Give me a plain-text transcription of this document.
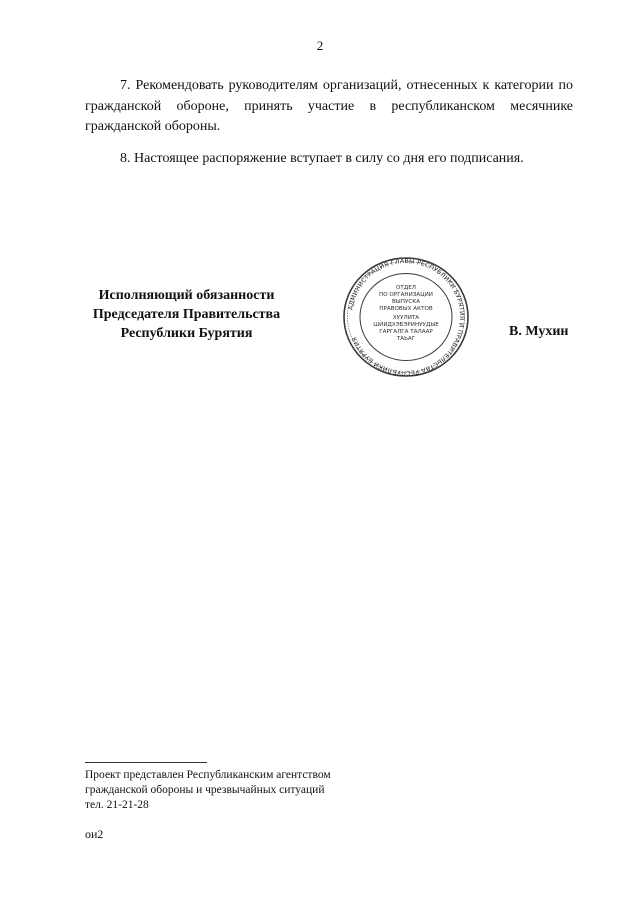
2

7. Рекомендовать руководителям организаций, отнесенных к категории по гражданской обороне, принять участие в республиканском месячнике гражданской обороны.

8. Настоящее распоряжение вступает в силу со дня его подписания.

Исполняющий обязанности
Председателя Правительства
Республики Бурятия
АДМИНИСТРАЦИЯ ГЛАВЫ РЕСПУБЛИКИ БУРЯТИЯ И ПРАВИТЕЛЬСТВА РЕСПУБЛИКИ БУРЯТИЯ
ОТДЕЛ
ПО ОРГАНИЗАЦИИ
ВЫПУСКА
ПРАВОВЫХ АКТОВ
ХУУЛИТА
ШИИДХЭБЭРИНУУДЫЕ
ГАРГАЛГА ТАЛААР
ТАЬАГ	В. Мухин
Проект представлен Республиканским агентством
гражданской обороны и чрезвычайных ситуаций
тел. 21-21-28
ои2
